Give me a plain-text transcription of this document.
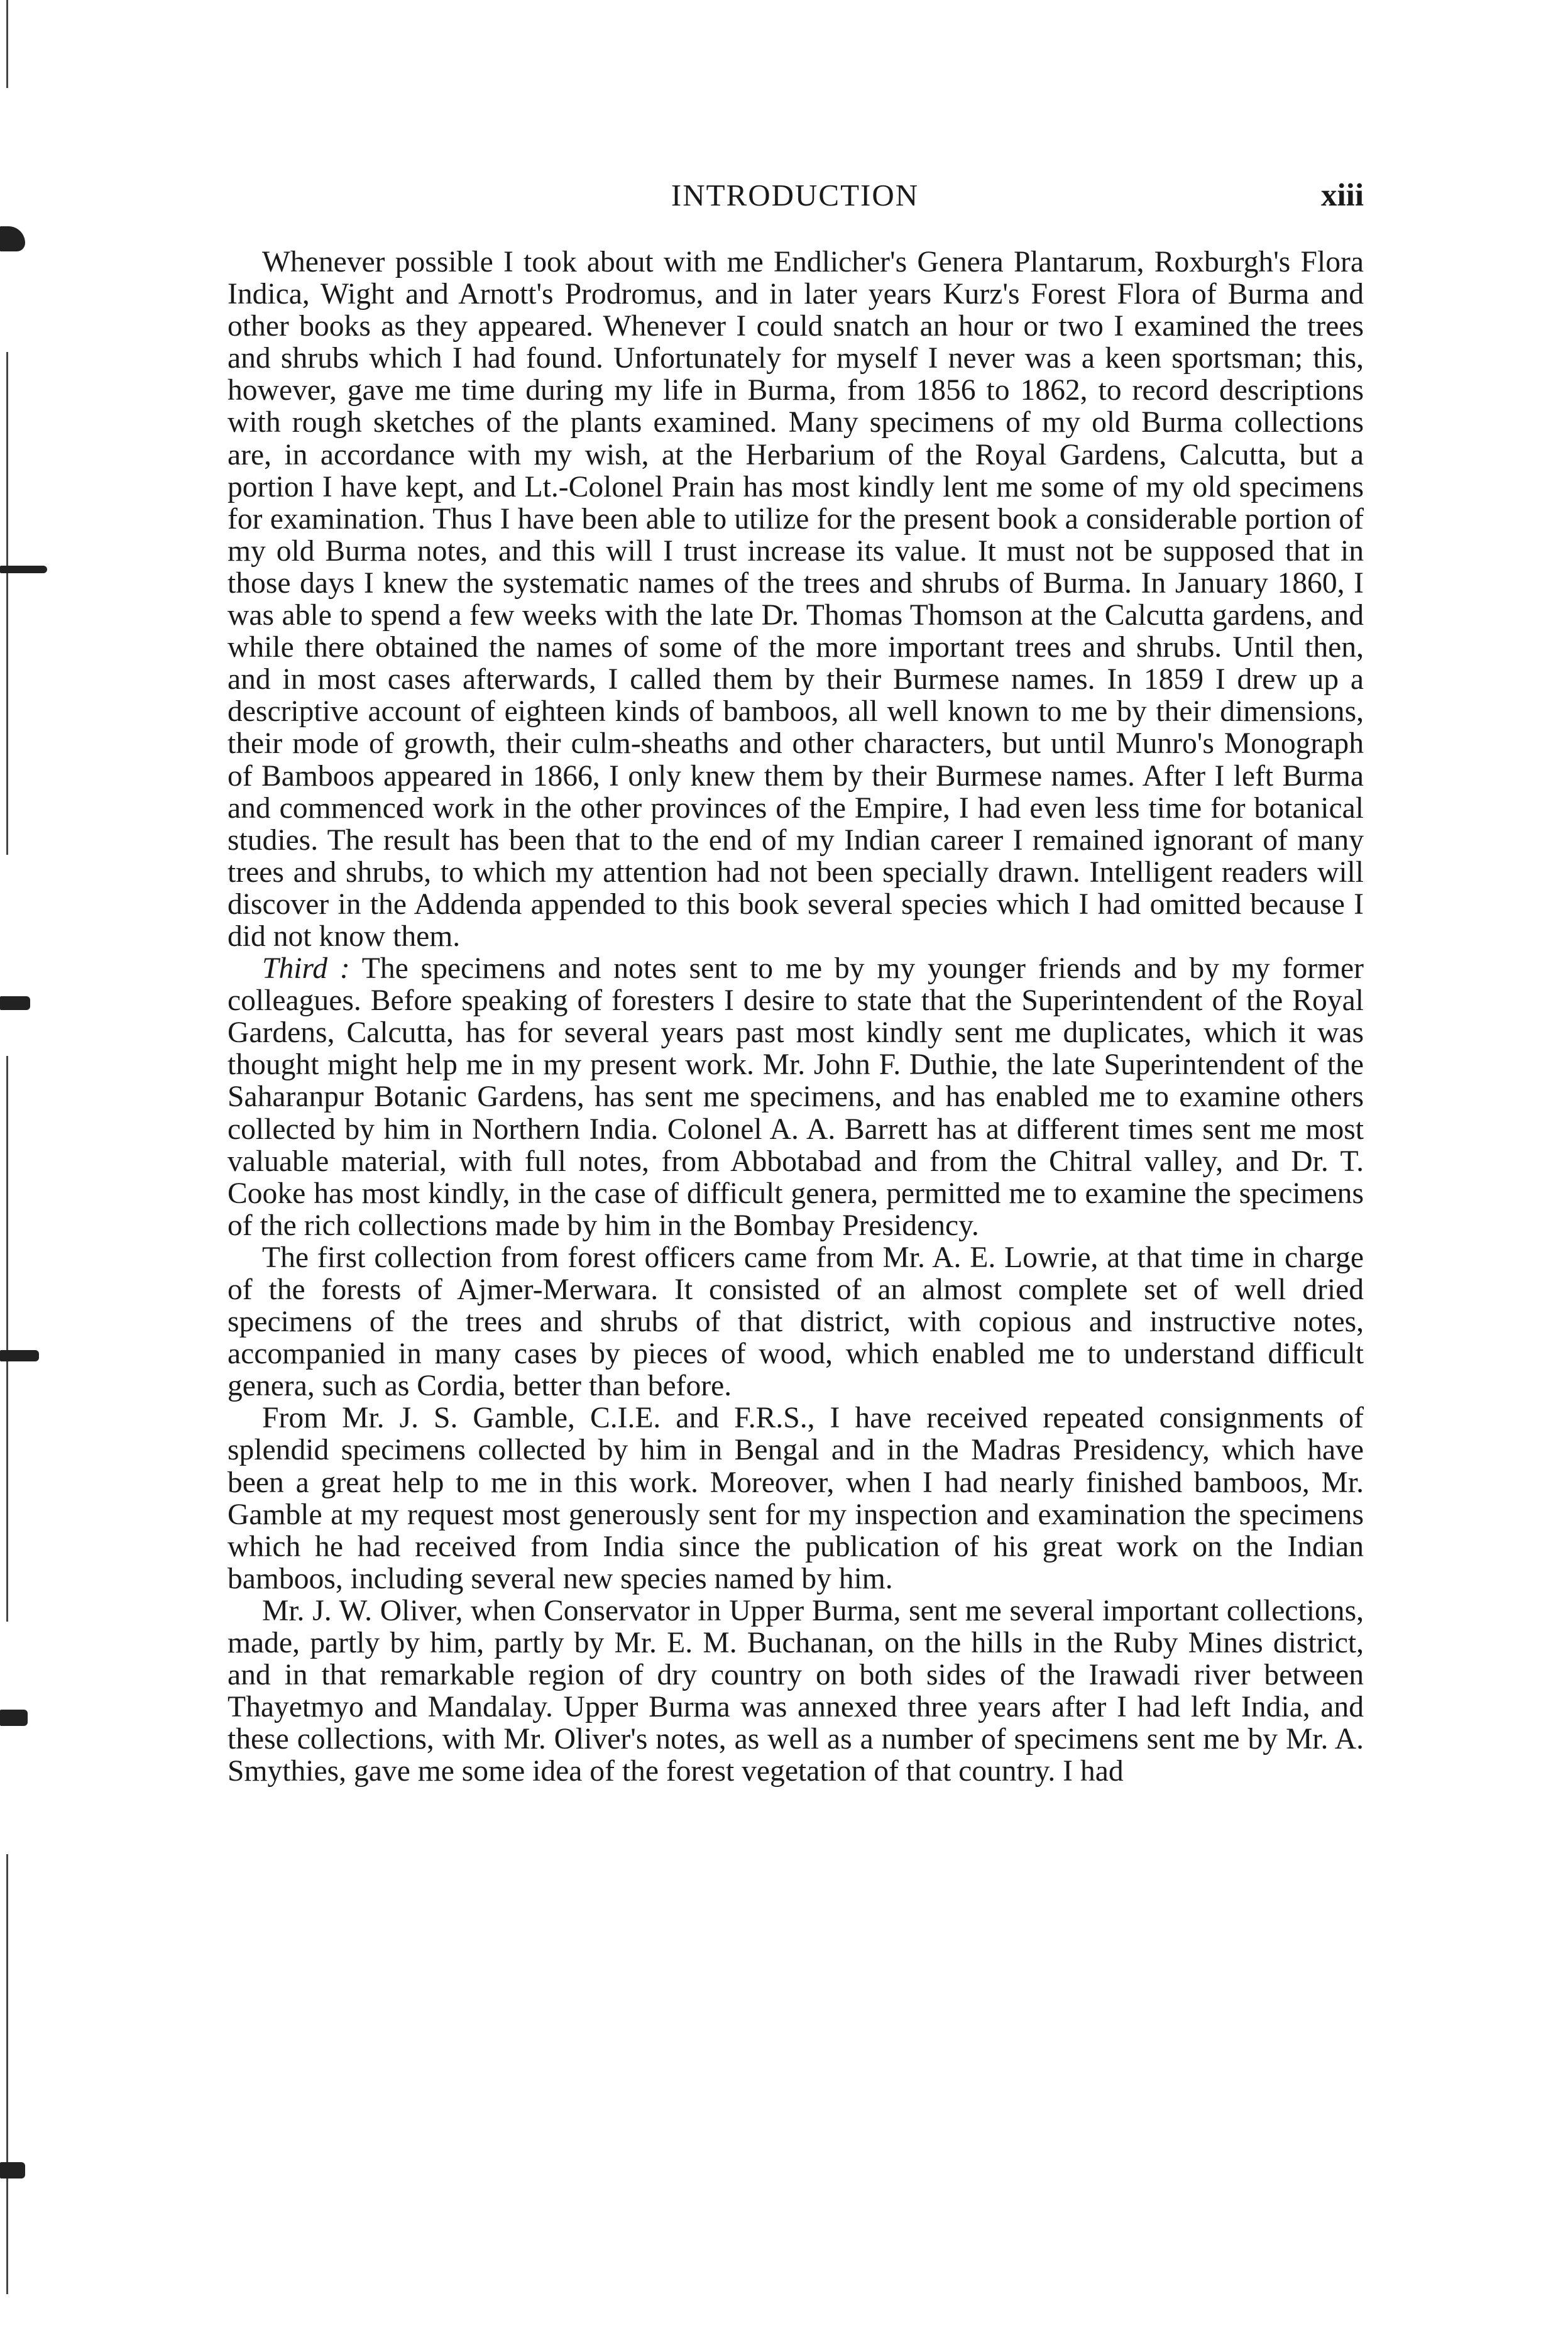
INTRODUCTION	xiii

Whenever possible I took about with me Endlicher's Genera Plantarum, Roxburgh's Flora Indica, Wight and Arnott's Prodromus, and in later years Kurz's Forest Flora of Burma and other books as they appeared. Whenever I could snatch an hour or two I examined the trees and shrubs which I had found. Unfortunately for myself I never was a keen sportsman; this, however, gave me time during my life in Burma, from 1856 to 1862, to record descriptions with rough sketches of the plants examined. Many specimens of my old Burma collections are, in accordance with my wish, at the Herbarium of the Royal Gardens, Calcutta, but a portion I have kept, and Lt.-Colonel Prain has most kindly lent me some of my old specimens for examination. Thus I have been able to utilize for the present book a considerable portion of my old Burma notes, and this will I trust increase its value. It must not be supposed that in those days I knew the systematic names of the trees and shrubs of Burma. In January 1860, I was able to spend a few weeks with the late Dr. Thomas Thomson at the Calcutta gardens, and while there obtained the names of some of the more important trees and shrubs. Until then, and in most cases afterwards, I called them by their Burmese names. In 1859 I drew up a descriptive account of eighteen kinds of bamboos, all well known to me by their dimensions, their mode of growth, their culm-sheaths and other characters, but until Munro's Monograph of Bamboos appeared in 1866, I only knew them by their Burmese names. After I left Burma and commenced work in the other provinces of the Empire, I had even less time for botanical studies. The result has been that to the end of my Indian career I remained ignorant of many trees and shrubs, to which my attention had not been specially drawn. Intelligent readers will discover in the Addenda appended to this book several species which I had omitted because I did not know them.

Third : The specimens and notes sent to me by my younger friends and by my former colleagues. Before speaking of foresters I desire to state that the Superintendent of the Royal Gardens, Calcutta, has for several years past most kindly sent me duplicates, which it was thought might help me in my present work. Mr. John F. Duthie, the late Superintendent of the Saharanpur Botanic Gardens, has sent me specimens, and has enabled me to examine others collected by him in Northern India. Colonel A. A. Barrett has at different times sent me most valuable material, with full notes, from Abbotabad and from the Chitral valley, and Dr. T. Cooke has most kindly, in the case of difficult genera, permitted me to examine the specimens of the rich collections made by him in the Bombay Presidency.

The first collection from forest officers came from Mr. A. E. Lowrie, at that time in charge of the forests of Ajmer-Merwara. It consisted of an almost complete set of well dried specimens of the trees and shrubs of that district, with copious and instructive notes, accompanied in many cases by pieces of wood, which enabled me to understand difficult genera, such as Cordia, better than before.

From Mr. J. S. Gamble, C.I.E. and F.R.S., I have received repeated consignments of splendid specimens collected by him in Bengal and in the Madras Presidency, which have been a great help to me in this work. Moreover, when I had nearly finished bamboos, Mr. Gamble at my request most generously sent for my inspection and examination the specimens which he had received from India since the publication of his great work on the Indian bamboos, including several new species named by him.

Mr. J. W. Oliver, when Conservator in Upper Burma, sent me several important collections, made, partly by him, partly by Mr. E. M. Buchanan, on the hills in the Ruby Mines district, and in that remarkable region of dry country on both sides of the Irawadi river between Thayetmyo and Mandalay. Upper Burma was annexed three years after I had left India, and these collections, with Mr. Oliver's notes, as well as a number of specimens sent me by Mr. A. Smythies, gave me some idea of the forest vegetation of that country. I had
